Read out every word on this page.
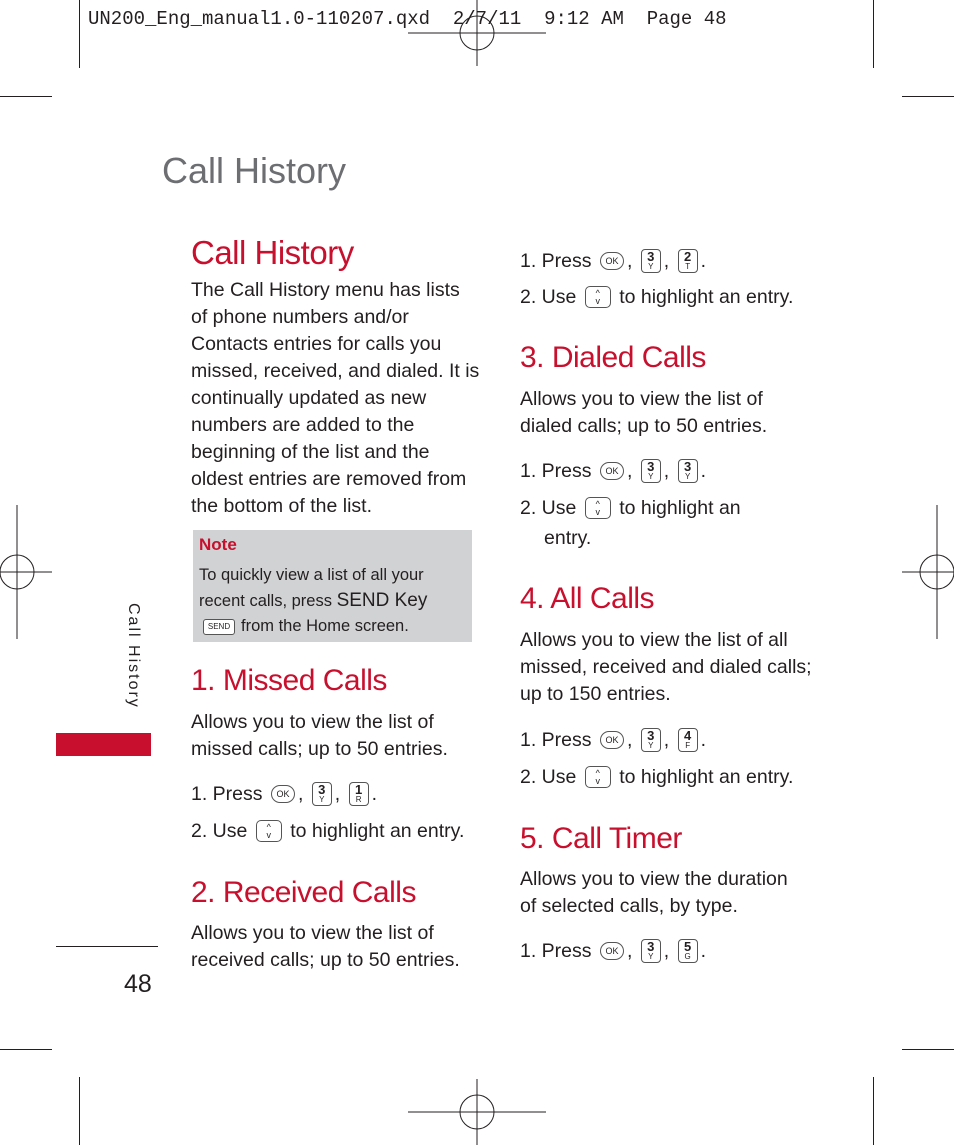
UN200_Eng_manual1.0-110207.qxd  2/7/11  9:12 AM  Page 48
Call History
Call History
48
Call History
The Call History menu has lists
of phone numbers and/or
Contacts entries for calls you
missed, received, and dialed. It is
continually updated as new
numbers are added to the
beginning of the list and the
oldest entries are removed from
the bottom of the list.
Note
To quickly view a list of all your
recent calls, press SEND Key
SEND from the Home screen.
1. Missed Calls
Allows you to view the list of
missed calls; up to 50 entries.
1. Press
	OK , 3
Y , 1
R .
2. Use
^
v
to highlight an entry.
2. Received Calls
Allows you to view the list of
received calls; up to 50 entries.
1. Press
	OK , 3
Y , 2
T .
2. Use
^
v
to highlight an entry.
3. Dialed Calls
Allows you to view the list of
dialed calls; up to 50 entries.
1. Press
	OK , 3
Y , 3
Y .
2. Use
^
v
to highlight an
entry.
4. All Calls
Allows you to view the list of all
missed, received and dialed calls;
up to 150 entries.
1. Press
	OK , 3
Y , 4
F .
2. Use
^
v
to highlight an entry.
5. Call Timer
Allows you to view the duration
of selected calls, by type.
1. Press
	OK , 3
Y , 5
G .
